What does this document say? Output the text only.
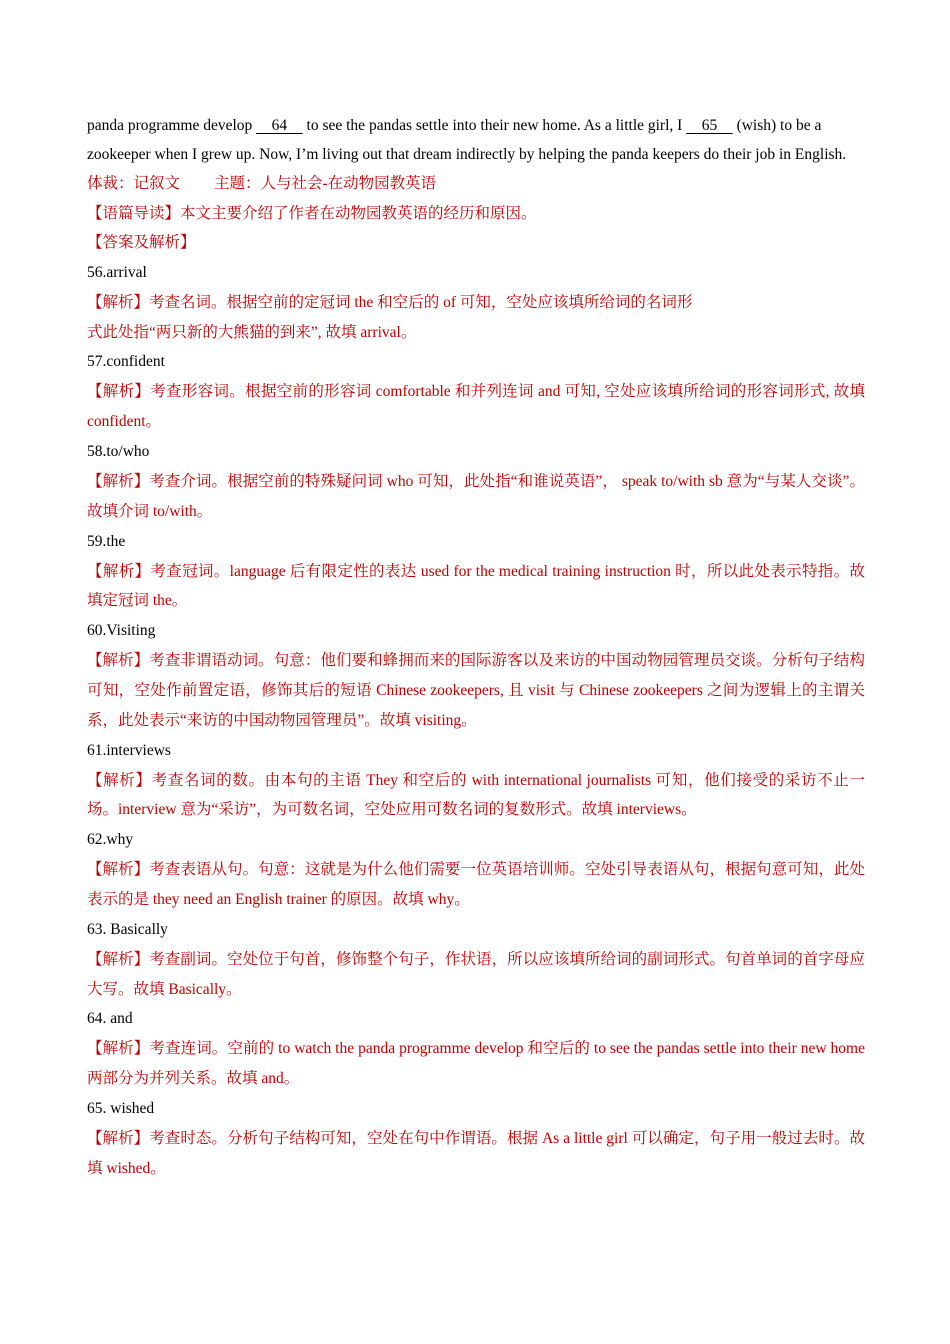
panda programme develop     64     to see the pandas settle into their new home. As a little girl, I     65     (wish) to be a zookeeper when I grew up. Now, I’m living out that dream indirectly by helping the panda keepers do their job in English.

体裁：记叙文 主题：人与社会-在动物园教英语

【语篇导读】本文主要介绍了作者在动物园教英语的经历和原因。

【答案及解析】

56.arrival

【解析】考查名词。根据空前的定冠词 the 和空后的 of 可知，空处应该填所给词的名词形

式此处指“两只新的大熊猫的到来”, 故填 arrival。

57.confident

【解析】考查形容词。根据空前的形容词 comfortable 和并列连词 and 可知, 空处应该填所给词的形容词形式, 故填 confident。

58.to/who

【解析】考查介词。根据空前的特殊疑问词 who 可知，此处指“和谁说英语”， speak to/with sb 意为“与某人交谈”。故填介词 to/with。

59.the

【解析】考查冠词。language 后有限定性的表达 used for the medical training instruction 时，所以此处表示特指。故填定冠词 the。

60.Visiting

【解析】考查非谓语动词。句意：他们要和蜂拥而来的国际游客以及来访的中国动物园管理员交谈。分析句子结构可知，空处作前置定语，修饰其后的短语 Chinese zookeepers, 且 visit 与 Chinese zookeepers 之间为逻辑上的主谓关系，此处表示“来访的中国动物园管理员”。故填 visiting。

61.interviews

【解析】考查名词的数。由本句的主语 They 和空后的 with international journalists 可知，他们接受的采访不止一场。interview 意为“采访”，为可数名词，空处应用可数名词的复数形式。故填 interviews。

62.why

【解析】考查表语从句。句意：这就是为什么他们需要一位英语培训师。空处引导表语从句，根据句意可知，此处表示的是 they need an English trainer 的原因。故填 why。

63. Basically

【解析】考查副词。空处位于句首，修饰整个句子，作状语，所以应该填所给词的副词形式。句首单词的首字母应大写。故填 Basically。

64. and

【解析】考查连词。空前的 to watch the panda programme develop 和空后的 to see the pandas settle into their new home 两部分为并列关系。故填 and。

65. wished

【解析】考查时态。分析句子结构可知，空处在句中作谓语。根据 As a little girl 可以确定，句子用一般过去时。故填 wished。
